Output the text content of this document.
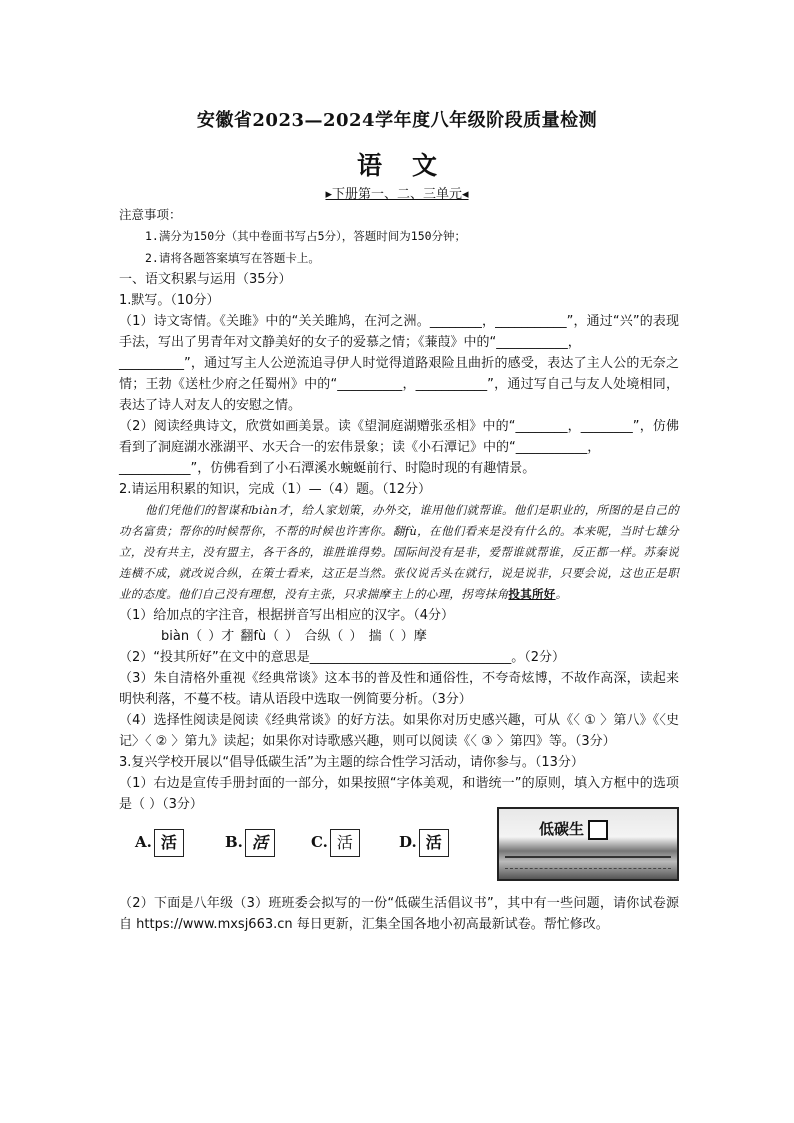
安徽省2023—2024学年度八年级阶段质量检测
语文
▸下册第一、二、三单元◂

注意事项：

1.满分为150分（其中卷面书写占5分），答题时间为150分钟；

2.请将各题答案填写在答题卡上。

一、语文积累与运用（35分）

1.默写。（10分）

（1）诗文寄情。《关雎》中的“关关雎鸠，在河之洲。________，___________”，通过“兴”的表现手法，写出了男青年对文静美好的女子的爱慕之情；《蒹葭》中的“___________，

__________”，通过写主人公逆流追寻伊人时觉得道路艰险且曲折的感受，表达了主人公的无奈之情；王勃《送杜少府之任蜀州》中的“__________，___________”，通过写自己与友人处境相同，表达了诗人对友人的安慰之情。

（2）阅读经典诗文，欣赏如画美景。读《望洞庭湖赠张丞相》中的“________，________”，仿佛看到了洞庭湖水涨湖平、水天合一的宏伟景象；读《小石潭记》中的“___________，

___________”，仿佛看到了小石潭溪水蜿蜒前行、时隐时现的有趣情景。

2.请运用积累的知识，完成（1）—（4）题。（12分）

他们凭他们的智谋和biàn才，给人家划策，办外交，谁用他们就帮谁。他们是职业的，所图的是自己的功名富贵；帮你的时候帮你，不帮的时候也许害你。翻fù，在他们看来是没有什么的。本来呢，当时七雄分立，没有共主，没有盟主，各干各的，谁胜谁得势。国际间没有是非，爱帮谁就帮谁，反正都一样。苏秦说连横不成，就改说合纵，在策士看来，这正是当然。张仪说舌头在就行，说是说非，只要会说，这也正是职业的态度。他们自己没有理想，没有主张，只求揣摩主上的心理，拐弯抹角投其所好。

（1）给加点的字注音，根据拼音写出相应的汉字。（4分）

biàn（ ）才 翻fù（ ） 合纵（ ） 揣（ ）摩

（2）“投其所好”在文中的意思是_______________________________。（2分）

（3）朱自清格外重视《经典常谈》这本书的普及性和通俗性，不夸奇炫博，不故作高深，读起来明快利落，不蔓不枝。请从语段中选取一例简要分析。（3分）

（4）选择性阅读是阅读《经典常谈》的好方法。如果你对历史感兴趣，可从《〈 ① 〉第八》《〈史记〉〈 ② 〉第九》读起；如果你对诗歌感兴趣，则可以阅读《〈 ③ 〉第四》等。（3分）

3.复兴学校开展以“倡导低碳生活”为主题的综合性学习活动，请你参与。（13分）

（1）右边是宣传手册封面的一部分，如果按照“字体美观，和谐统一”的原则，填入方框中的选项是（ ）（3分）

A. 活	B. 活	C. 活	D. 活
低碳生

（2）下面是八年级（3）班班委会拟写的一份“低碳生活倡议书”，其中有一些问题，请你试卷源自 https://www.mxsj663.cn 每日更新，汇集全国各地小初高最新试卷。帮忙修改。
